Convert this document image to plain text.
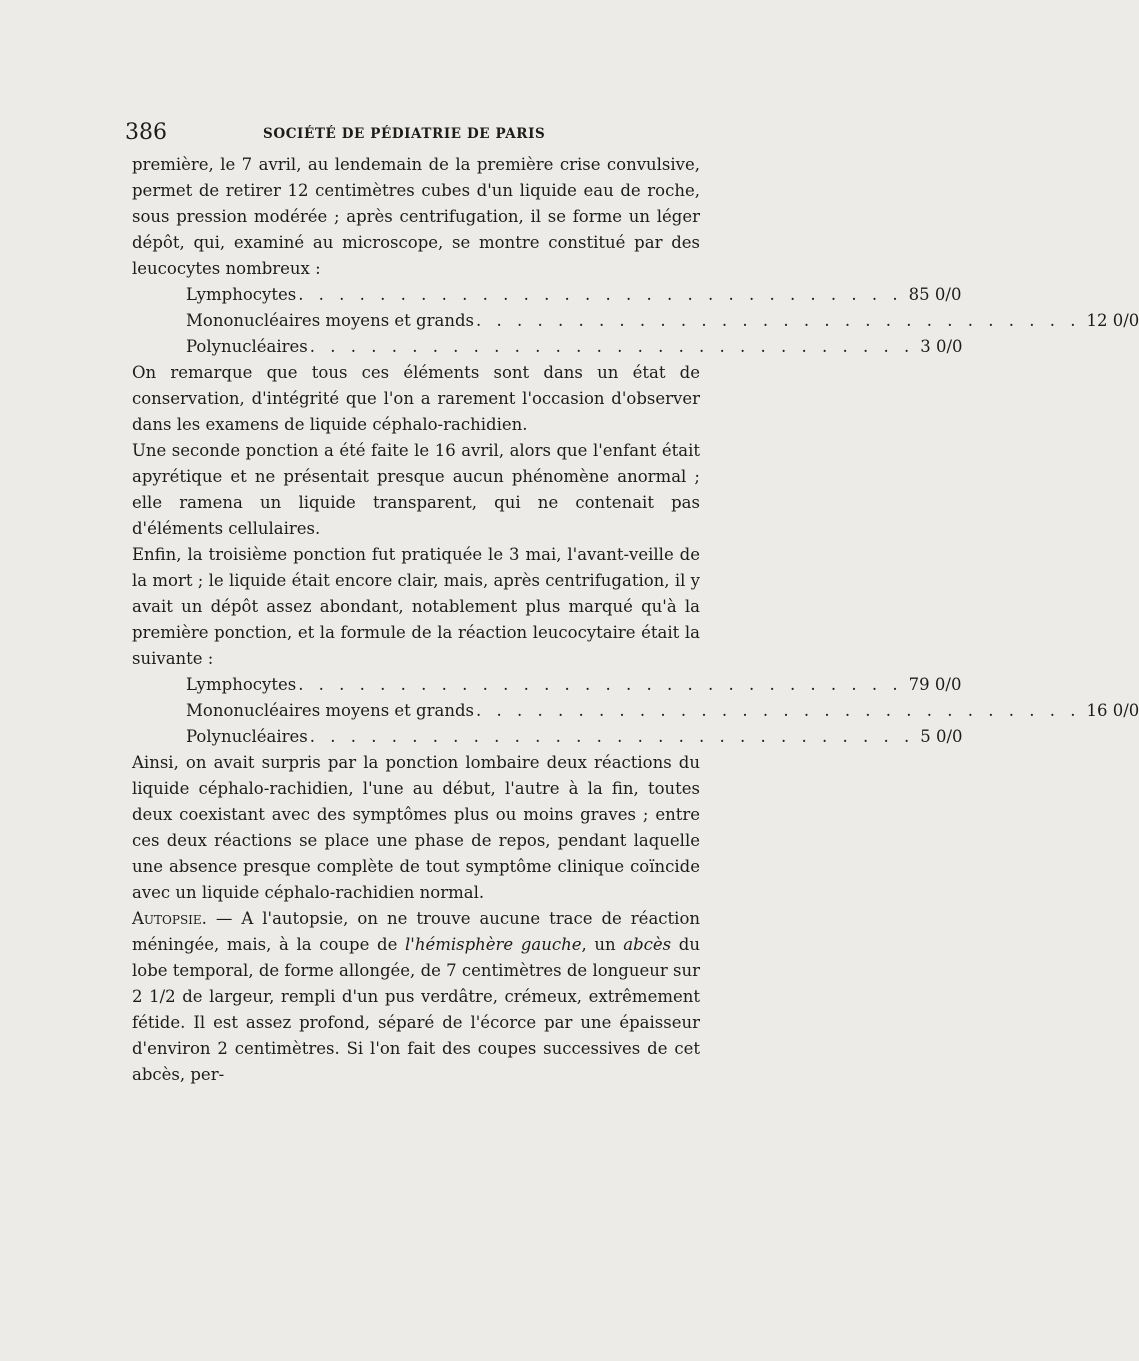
386	SOCIÉTÉ DE PÉDIATRIE DE PARIS

première, le 7 avril, au lendemain de la première crise convulsive, permet de retirer 12 centimètres cubes d'un liquide eau de roche, sous pression modérée ; après centrifugation, il se forme un léger dépôt, qui, examiné au microscope, se montre constitué par des leucocytes nombreux :

Lymphocytes . . . . . . . . . . . . . . . . . . . . . . . . . . . . . . 85 0/0
Mononucléaires moyens et grands . . . . . . . . . . . . . . . . . . . . . . . . . . . . . . 12 0/0
Polynucléaires . . . . . . . . . . . . . . . . . . . . . . . . . . . . . . 3 0/0

On remarque que tous ces éléments sont dans un état de conservation, d'intégrité que l'on a rarement l'occasion d'observer dans les examens de liquide céphalo-rachidien.

Une seconde ponction a été faite le 16 avril, alors que l'enfant était apyrétique et ne présentait presque aucun phénomène anormal ; elle ramena un liquide transparent, qui ne contenait pas d'éléments cellulaires.

Enfin, la troisième ponction fut pratiquée le 3 mai, l'avant-veille de la mort ; le liquide était encore clair, mais, après centrifugation, il y avait un dépôt assez abondant, notablement plus marqué qu'à la première ponction, et la formule de la réaction leucocytaire était la suivante :

Lymphocytes . . . . . . . . . . . . . . . . . . . . . . . . . . . . . . 79 0/0
Mononucléaires moyens et grands . . . . . . . . . . . . . . . . . . . . . . . . . . . . . . 16 0/0
Polynucléaires . . . . . . . . . . . . . . . . . . . . . . . . . . . . . . 5 0/0

Ainsi, on avait surpris par la ponction lombaire deux réactions du liquide céphalo-rachidien, l'une au début, l'autre à la fin, toutes deux coexistant avec des symptômes plus ou moins graves ; entre ces deux réactions se place une phase de repos, pendant laquelle une absence presque complète de tout symptôme clinique coïncide avec un liquide céphalo-rachidien normal.

Autopsie. — A l'autopsie, on ne trouve aucune trace de réaction méningée, mais, à la coupe de l'hémisphère gauche, un abcès du lobe temporal, de forme allongée, de 7 centimètres de longueur sur 2 1/2 de largeur, rempli d'un pus verdâtre, crémeux, extrêmement fétide. Il est assez profond, séparé de l'écorce par une épaisseur d'environ 2 centimètres. Si l'on fait des coupes successives de cet abcès, per-
